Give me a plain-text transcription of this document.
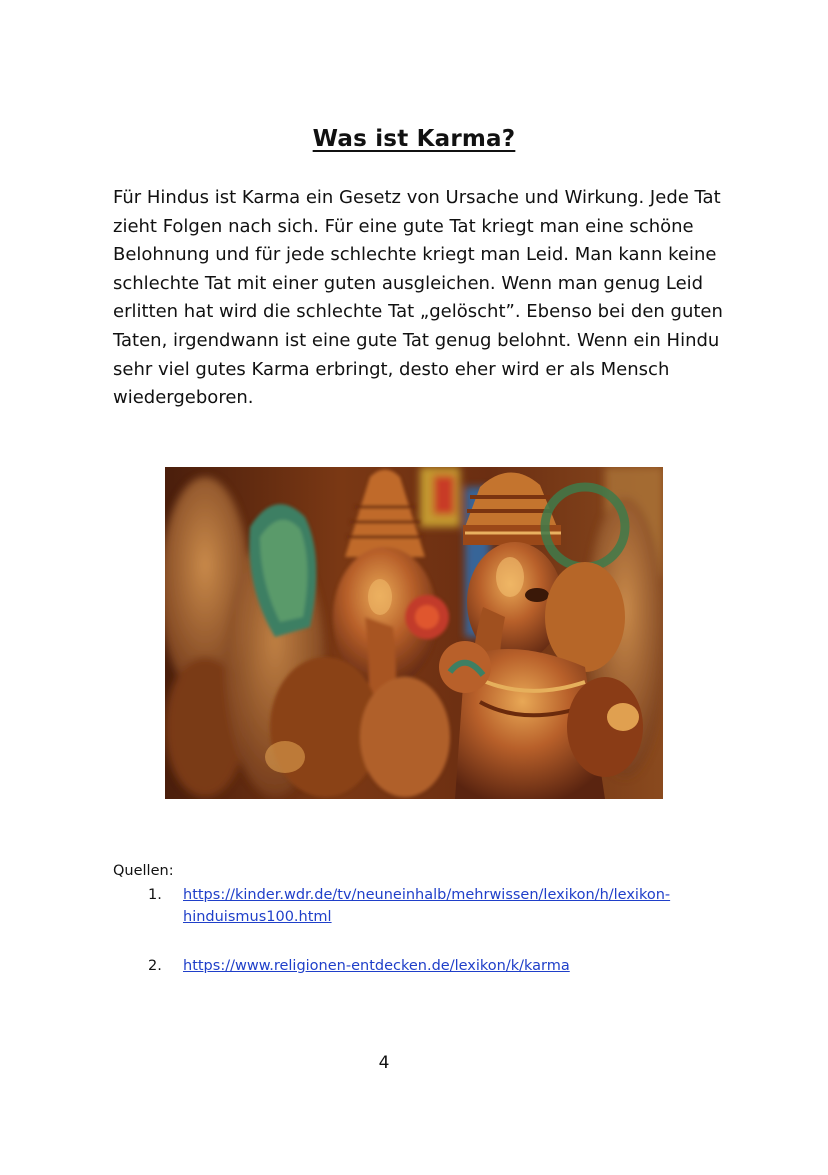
Was ist Karma?

Für Hindus ist Karma ein Gesetz von Ursache und Wirkung. Jede Tat
zieht Folgen nach sich. Für eine gute Tat kriegt man eine schöne
Belohnung und für jede schlechte kriegt man Leid. Man kann keine
schlechte Tat mit einer guten ausgleichen. Wenn man genug Leid
erlitten hat wird die schlechte Tat „gelöscht”. Ebenso bei den guten
Taten, irgendwann ist eine gute Tat genug belohnt. Wenn ein Hindu
sehr viel gutes Karma erbringt, desto eher wird er als Mensch
wiedergeboren.

Quellen:
1. https://kinder.wdr.de/tv/neuneinhalb/mehrwissen/lexikon/h/lexikon-
hinduismus100.html
2. https://www.religionen-entdecken.de/lexikon/k/karma
4
